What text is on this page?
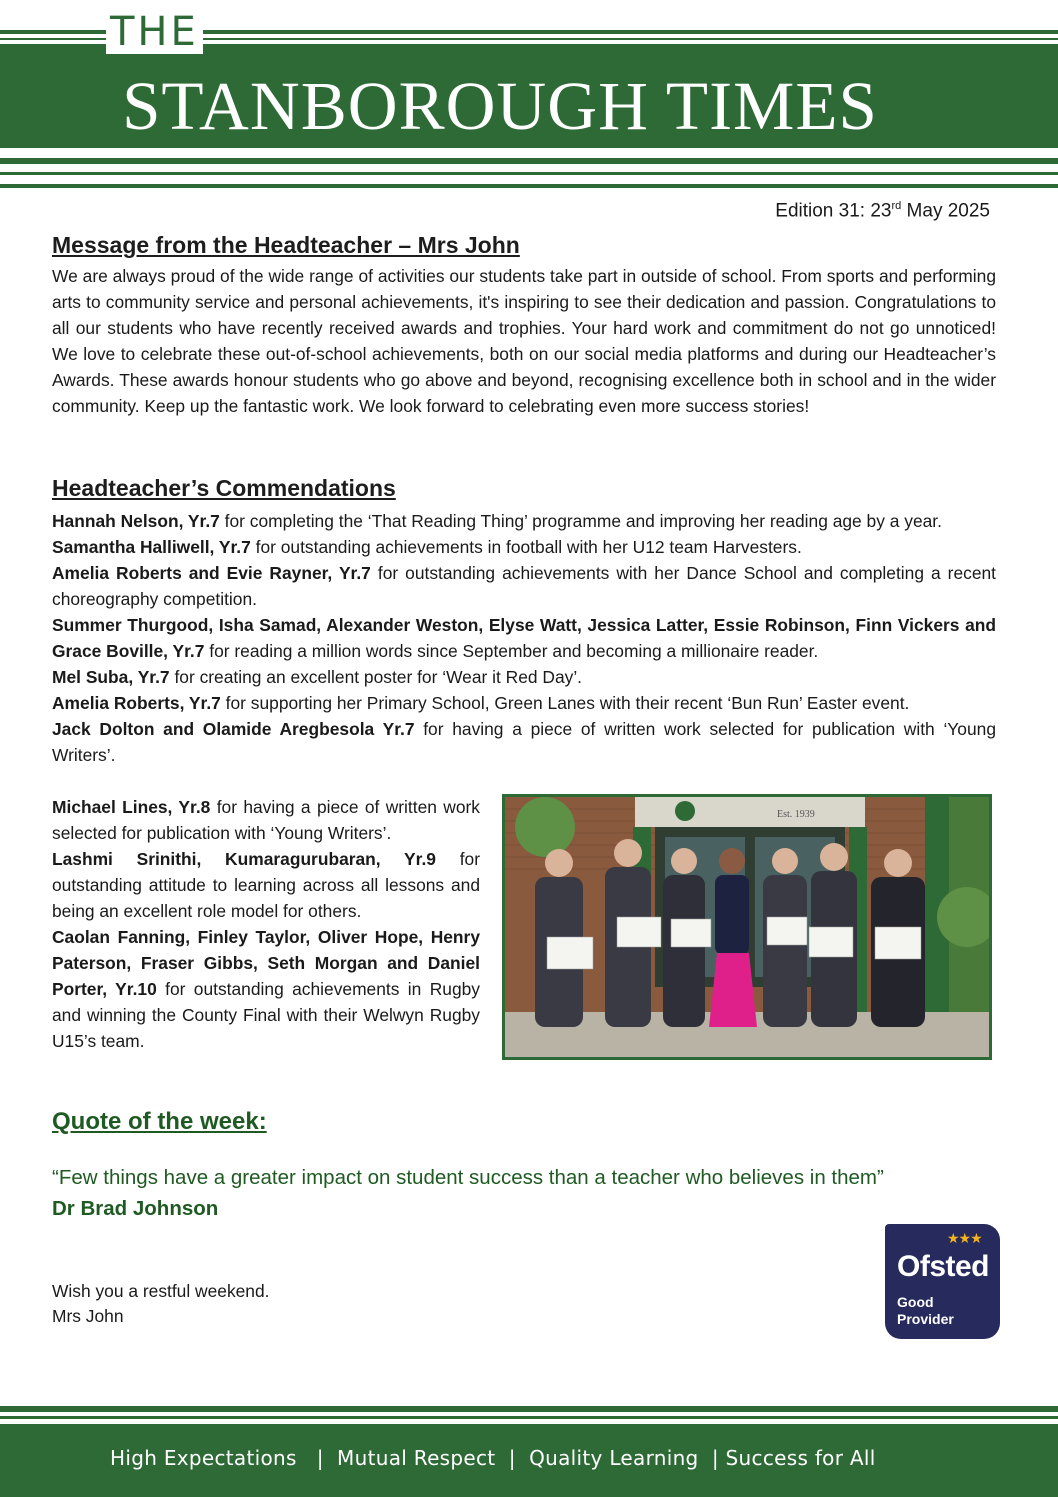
THE
STANBOROUGH TIMES
Edition 31: 23rd May 2025
Message from the Headteacher – Mrs John

We are always proud of the wide range of activities our students take part in outside of school. From sports and performing arts to community service and personal achievements, it's inspiring to see their dedication and passion. Congratulations to all our students who have recently received awards and trophies. Your hard work and commitment do not go unnoticed! We love to celebrate these out-of-school achievements, both on our social media platforms and during our Headteacher’s Awards. These awards honour students who go above and beyond, recognising excellence both in school and in the wider community. Keep up the fantastic work. We look forward to celebrating even more success stories!

Headteacher’s Commendations

Hannah Nelson, Yr.7 for completing the ‘That Reading Thing’ programme and improving her reading age by a year.

Samantha Halliwell, Yr.7 for outstanding achievements in football with her U12 team Harvesters.

Amelia Roberts and Evie Rayner, Yr.7 for outstanding achievements with her Dance School and completing a recent choreography competition.

Summer Thurgood, Isha Samad, Alexander Weston, Elyse Watt, Jessica Latter, Essie Robinson, Finn Vickers and Grace Boville, Yr.7 for reading a million words since September and becoming a millionaire reader.

Mel Suba, Yr.7 for creating an excellent poster for ‘Wear it Red Day’.

Amelia Roberts, Yr.7 for supporting her Primary School, Green Lanes with their recent ‘Bun Run’ Easter event.

Jack Dolton and Olamide Aregbesola Yr.7 for having a piece of written work selected for publication with ‘Young Writers’.

Michael Lines, Yr.8 for having a piece of written work selected for publication with ‘Young Writers’.

Lashmi Srinithi, Kumaragurubaran, Yr.9 for outstanding attitude to learning across all lessons and being an excellent role model for others.

Caolan Fanning, Finley Taylor, Oliver Hope, Henry Paterson, Fraser Gibbs, Seth Morgan and Daniel Porter, Yr.10 for outstanding achievements in Rugby and winning the County Final with their Welwyn Rugby U15’s team.

Est. 1939
Quote of the week:
“Few things have a greater impact on student success than a teacher who believes in them”
Dr Brad Johnson
Wish you a restful weekend.
Mrs John
★★★
Ofsted
Good
Provider
High Expectations   |  Mutual Respect  |  Quality Learning  | Success for All
